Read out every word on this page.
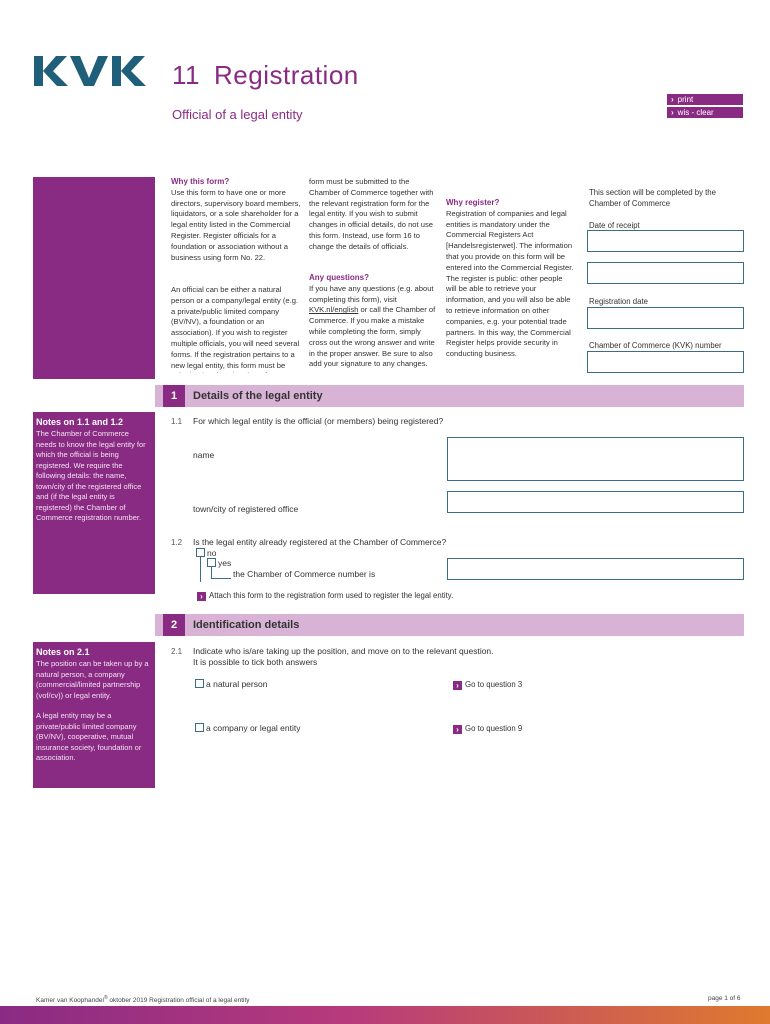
11 Registration
Official of a legal entity
› print
› wis - clear
Why this form?

Use this form to have one or more directors, supervisory board members, liquidators, or a sole shareholder for a legal entity listed in the Commercial Register. Register officials for a foundation or association without a business using form No. 22.

An official can be either a natural person or a company/legal entity (e.g. a private/public limited company (BV/NV), a foundation or an association). If you wish to register multiple officials, you will need several forms. If the registration pertains to a new legal entity, this form must be

form must be submitted to the Chamber of Commerce together with the relevant registration form for the legal entity. If you wish to submit changes in official details, do not use this form. Instead, use form 16 to change the details of officials.

Any questions?

If you have any questions (e.g. about completing this form), visit KVK.nl/english or call the Chamber of Commerce. If you make a mistake while completing the form, simply cross out the wrong answer and write in the proper answer. Be sure to also add your signature to any changes.

Why register?

Registration of companies and legal entities is mandatory under the Commercial Registers Act [Handelsregisterwet]. The information that you provide on this form will be entered into the Commercial Register. The register is public: other people will be able to retrieve your information, and you will also be able to retrieve information on other companies, e.g. your potential trade partners. In this way, the Commercial Register helps provide security in conducting business.

This section will be completed by the Chamber of Commerce
Date of receipt
Registration date
Chamber of Commerce (KVK) number
1	Details of the legal entity
Notes on 1.1 and 1.2
The Chamber of Commerce needs to know the legal entity for which the official is being registered. We require the following details: the name, town/city of the registered office and (if the legal entity is registered) the Chamber of Commerce registration number.
1.1 For which legal entity is the official (or members) being registered?
name
town/city of registered office
1.2 Is the legal entity already registered at the Chamber of Commerce?
no
yes
the Chamber of Commerce number is
› Attach this form to the registration form used to register the legal entity.
2	Identification details
Notes on 2.1
The position can be taken up by a natural person, a company (commercial/limited partnership (vof/cv)) or legal entity.
A legal entity may be a private/public limited company (BV/NV), cooperative, mutual insurance society, foundation or association.
2.1 Indicate who is/are taking up the position, and move on to the relevant question.
It is possible to tick both answers
a natural person	› Go to question 3
a company or legal entity	› Go to question 9
Kamer van Koophandel® oktober 2019 Registration official of a legal entity	page 1 of 6
